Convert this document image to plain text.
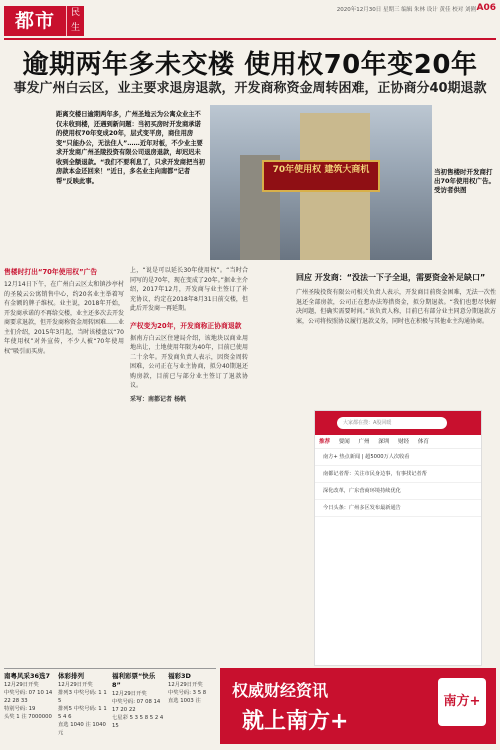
都市	民生
2020年12月30日 星期三 编辑 朱林 设计 黄佳 校对 刘俐 A06
逾期两年多未交楼 使用权70年变20年
事发广州白云区，业主要求退房退款，开发商称资金周转困难，正协商分40期退款
距离交楼日逾期两年多，广州圣地云为公寓众业主不仅未收到楼，还遇到新问题：当初买房时开发商承诺的使用权70年变成20年，层式变平房，商住用房变“只能办公，无法住人”……近年对板，不少业主要求开发商广州圣陵投资有限公司退房退款，却迟迟未收到全额退款。“我们不要利息了，只求开发商把当初房款本金还回来！”近日，多名业主向南都“记者帮”反映此事。
70年使用权 建筑大商机	当初售楼时开发商打出70年使用权广告。受访者供图
售楼时打出“70年使用权”广告
12月14日下午，在广州白云区太和镇沙亭村的圣陵云公寓销售中心，约20名业主举着写有金额的牌子维权。业主说，2018年开始，开发商承诺的不再给交楼，业主还多次去开发商要求退款，但开发商称资金周转困难……业主们介绍，2015年3月起，当时该楼盘以“70年使用权”对外宣传，不少人被“70年使用权”吸引而买房。
上，“说是可以延长30年使用权”。“当时合同写的是70年，现在变成了20年。”据业主介绍，2017年12月，开发商与业主签订了补充协议，约定在2018年8月31日前交楼，但此后开发商一再延期。
产权变为20年，开发商称正协商退款
据南方白云区住建局介绍，该地块以商业用地出让，土地使用年限为40年，目前已使用二十余年。开发商负责人表示，因资金周转困难，公司正在与业主协商，拟分40期退还购房款，目前已与部分业主签订了退款协议。
采写：南都记者 杨帆
回应 开发商：“没法一下子全退，需要资金补足缺口”
广州圣陵投资有限公司相关负责人表示，开发商目前资金困难，无法一次性退还全部房款，公司正在想办法筹措资金，拟分期退款。“我们也想尽快解决问题，但确实需要时间。”该负责人称，目前已有部分业主同意分期退款方案，公司将按照协议履行退款义务，同时也在积极与其他业主沟通协商。
大家都在搜：A股回暖
推荐 要闻 广州 深圳 财经 体育
南方+ 热点新闻 | 超5000万人次收看
南都记者帮：关注市民身边事，有事找记者帮
深化改革，广东营商环境持续优化
今日头条：广州多区发布最新通告
南粤风采36选7
12月29日开奖
中奖号码: 07 10 14 22 28 33
特别号码: 19
头奖 1 注 7000000
体彩排列
12月29日开奖
排列3 中奖号码: 1 1 5
排列5 中奖号码: 1 1 5 4 6
直选 1040 注 1040元
福利彩票“快乐8”
12月29日开奖
中奖号码: 07 08 14 17 20 22
七星彩 5 3 5 8 5 2 4 15
福彩3D
12月29日开奖
中奖号码: 3 5 8
直选 1003 注
权威财经资讯
就上南方+
南方+
